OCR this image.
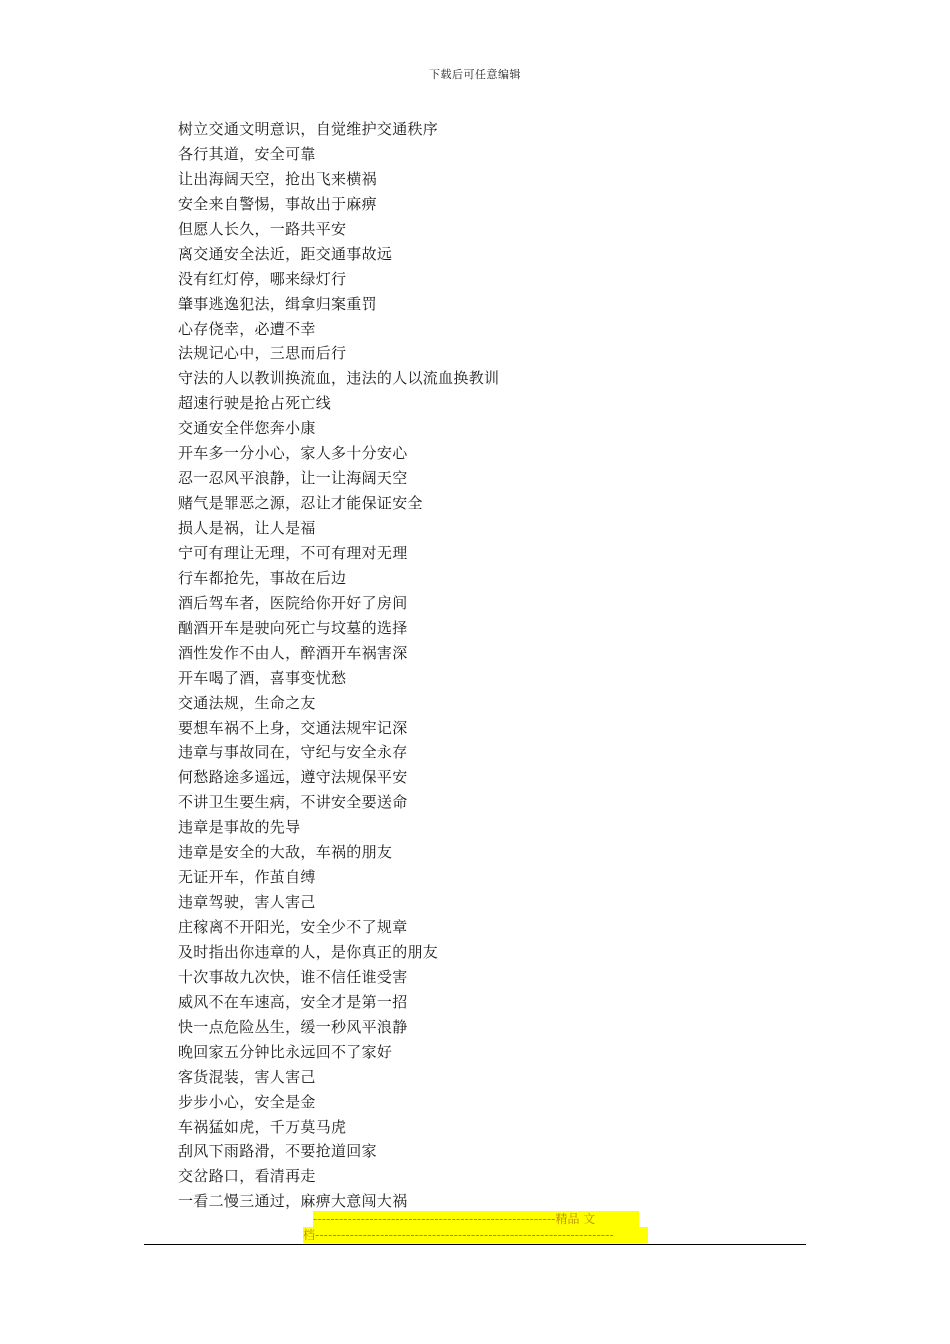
下载后可任意编辑
树立交通文明意识，自觉维护交通秩序
各行其道，安全可靠
让出海阔天空，抢出飞来横祸
安全来自警惕，事故出于麻痹
但愿人长久，一路共平安
离交通安全法近，距交通事故远
没有红灯停，哪来绿灯行
肇事逃逸犯法，缉拿归案重罚
心存侥幸，必遭不幸
法规记心中，三思而后行
守法的人以教训换流血，违法的人以流血换教训
超速行驶是抢占死亡线
交通安全伴您奔小康
开车多一分小心，家人多十分安心
忍一忍风平浪静，让一让海阔天空
赌气是罪恶之源，忍让才能保证安全
损人是祸，让人是福
宁可有理让无理，不可有理对无理
行车都抢先，事故在后边
酒后驾车者，医院给你开好了房间
酗酒开车是驶向死亡与坟墓的选择
酒性发作不由人，醉酒开车祸害深
开车喝了酒，喜事变忧愁
交通法规，生命之友
要想车祸不上身，交通法规牢记深
违章与事故同在，守纪与安全永存
何愁路途多遥远，遵守法规保平安
不讲卫生要生病，不讲安全要送命
违章是事故的先导
违章是安全的大敌，车祸的朋友
无证开车，作茧自缚
违章驾驶，害人害己
庄稼离不开阳光，安全少不了规章
及时指出你违章的人，是你真正的朋友
十次事故九次快，谁不信任谁受害
威风不在车速高，安全才是第一招
快一点危险丛生，缓一秒风平浪静
晚回家五分钟比永远回不了家好
客货混装，害人害己
步步小心，安全是金
车祸猛如虎，千万莫马虎
刮风下雨路滑，不要抢道回家
交岔路口，看清再走
一看二慢三通过，麻痹大意闯大祸
--------------------------------------------------------精品 文
档---------------------------------------------------------------------
